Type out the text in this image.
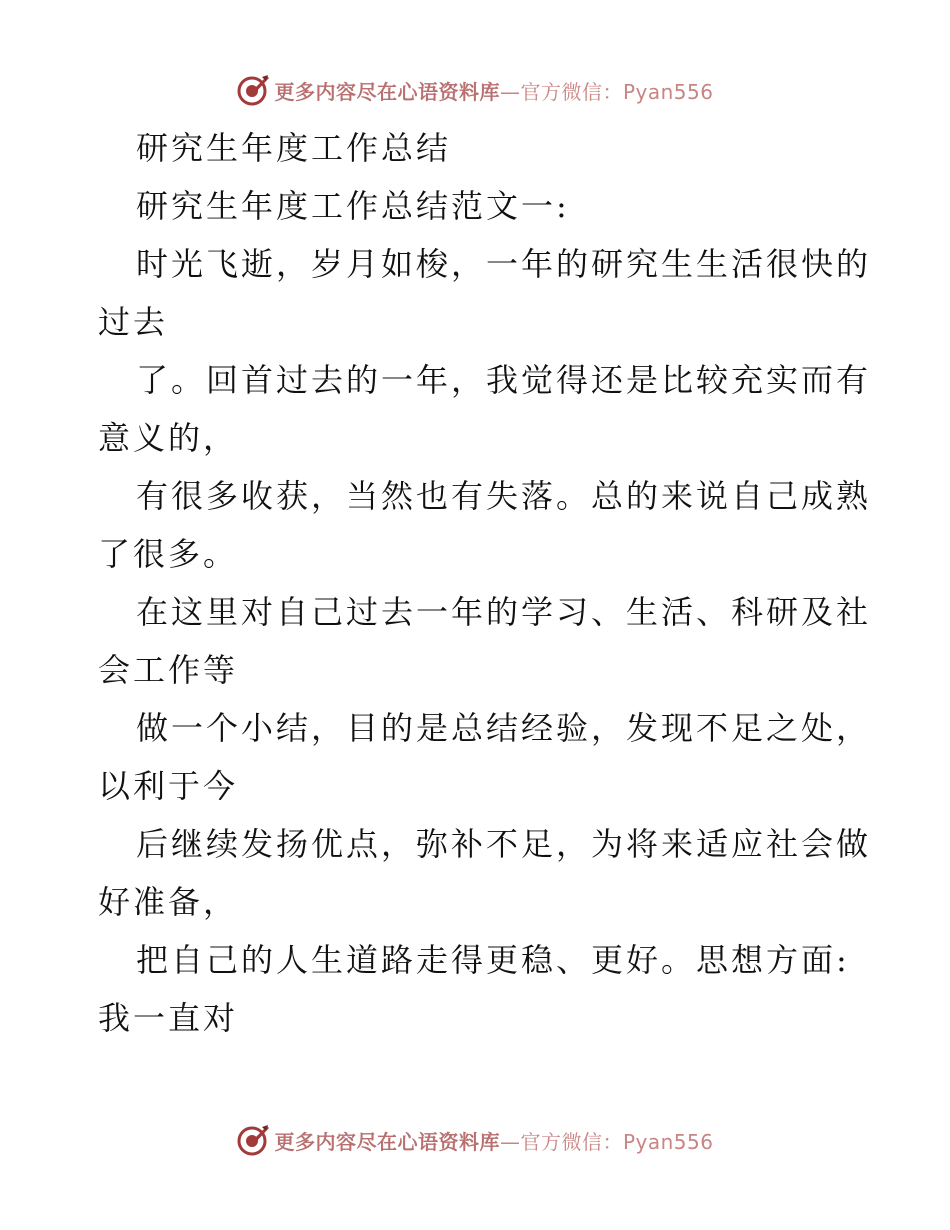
更多内容尽在心语资料库—官方微信：Pyan556
研究生年度工作总结
研究生年度工作总结范文一:
时光飞逝，岁月如梭，一年的研究生生活很快的
过去
了。回首过去的一年，我觉得还是比较充实而有
意义的，
有很多收获，当然也有失落。总的来说自己成熟
了很多。
在这里对自己过去一年的学习、生活、科研及社
会工作等
做一个小结，目的是总结经验，发现不足之处，
以利于今
后继续发扬优点，弥补不足，为将来适应社会做
好准备，
把自己的人生道路走得更稳、更好。思想方面:
我一直对
更多内容尽在心语资料库—官方微信：Pyan556
